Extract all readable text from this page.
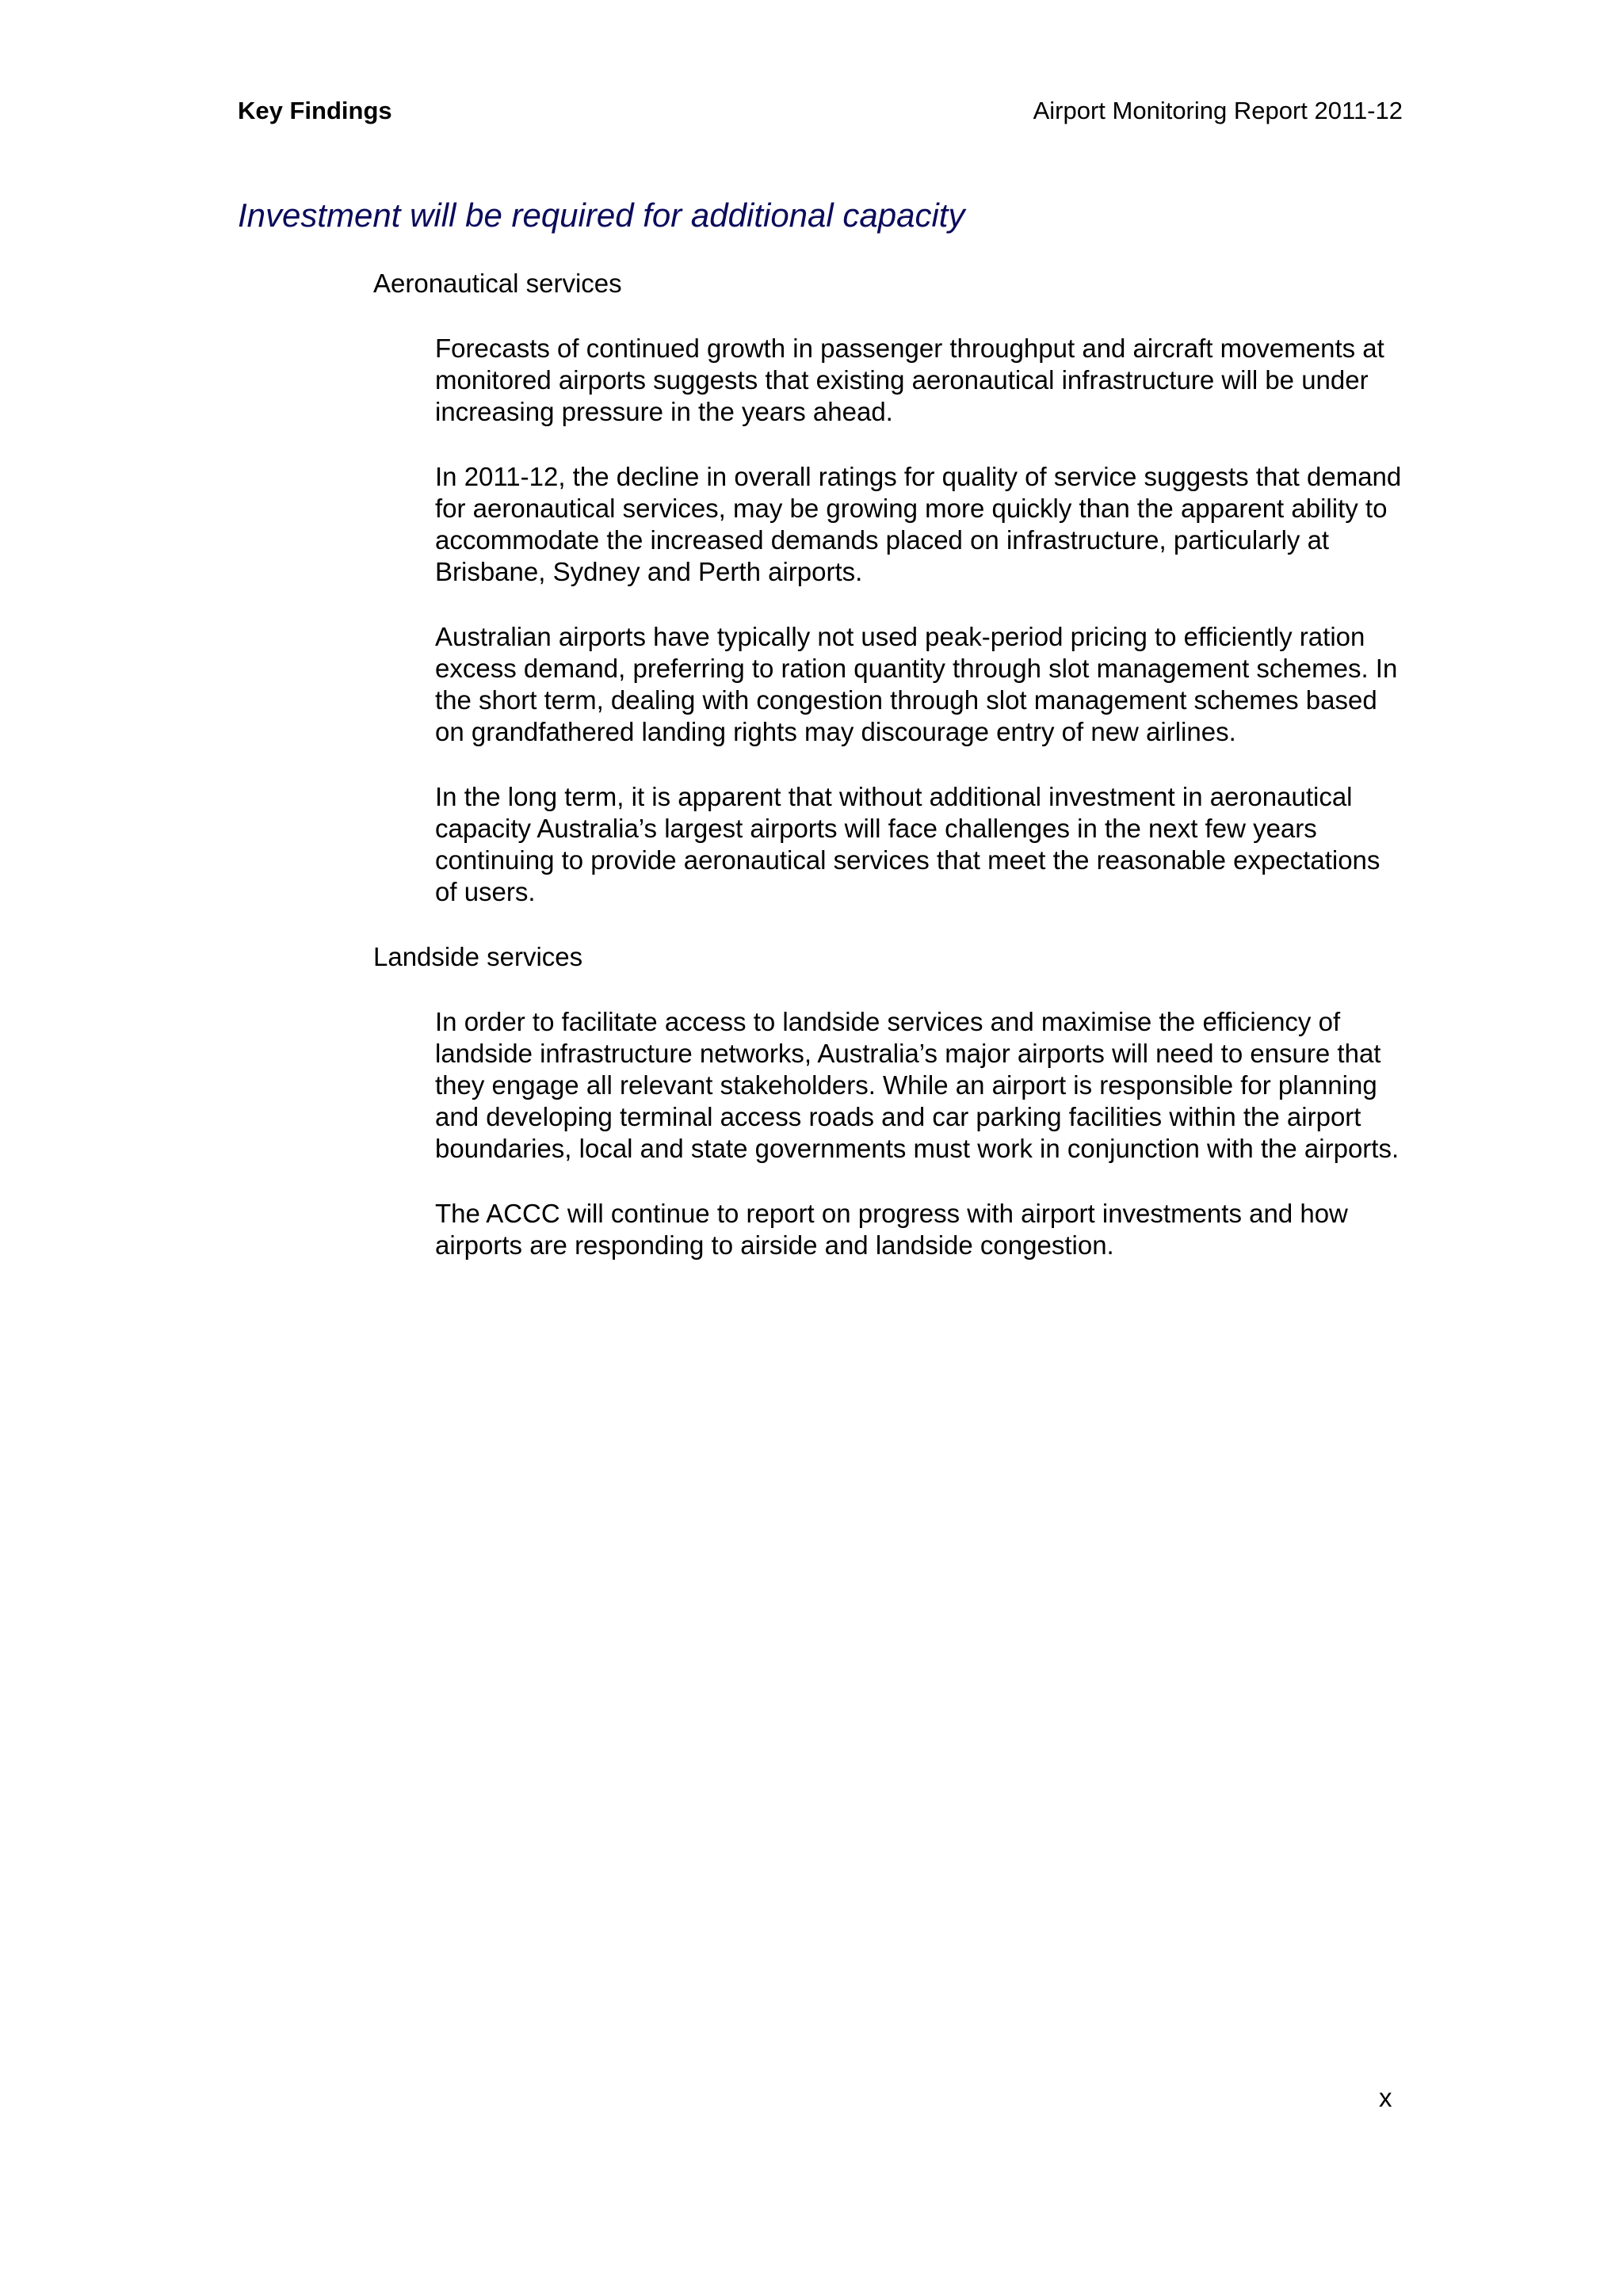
Key Findings	Airport Monitoring Report 2011-12
Investment will be required for additional capacity
Aeronautical services

Forecasts of continued growth in passenger throughput and aircraft movements at monitored airports suggests that existing aeronautical infrastructure will be under increasing pressure in the years ahead.

In 2011-12, the decline in overall ratings for quality of service suggests that demand for aeronautical services, may be growing more quickly than the apparent ability to accommodate the increased demands placed on infrastructure, particularly at Brisbane, Sydney and Perth airports.

Australian airports have typically not used peak-period pricing to efficiently ration excess demand, preferring to ration quantity through slot management schemes. In the short term, dealing with congestion through slot management schemes based on grandfathered landing rights may discourage entry of new airlines.

In the long term, it is apparent that without additional investment in aeronautical capacity Australia’s largest airports will face challenges in the next few years continuing to provide aeronautical services that meet the reasonable expectations of users.

Landside services

In order to facilitate access to landside services and maximise the efficiency of landside infrastructure networks, Australia’s major airports will need to ensure that they engage all relevant stakeholders. While an airport is responsible for planning and developing terminal access roads and car parking facilities within the airport boundaries, local and state governments must work in conjunction with the airports.

The ACCC will continue to report on progress with airport investments and how airports are responding to airside and landside congestion.

x
